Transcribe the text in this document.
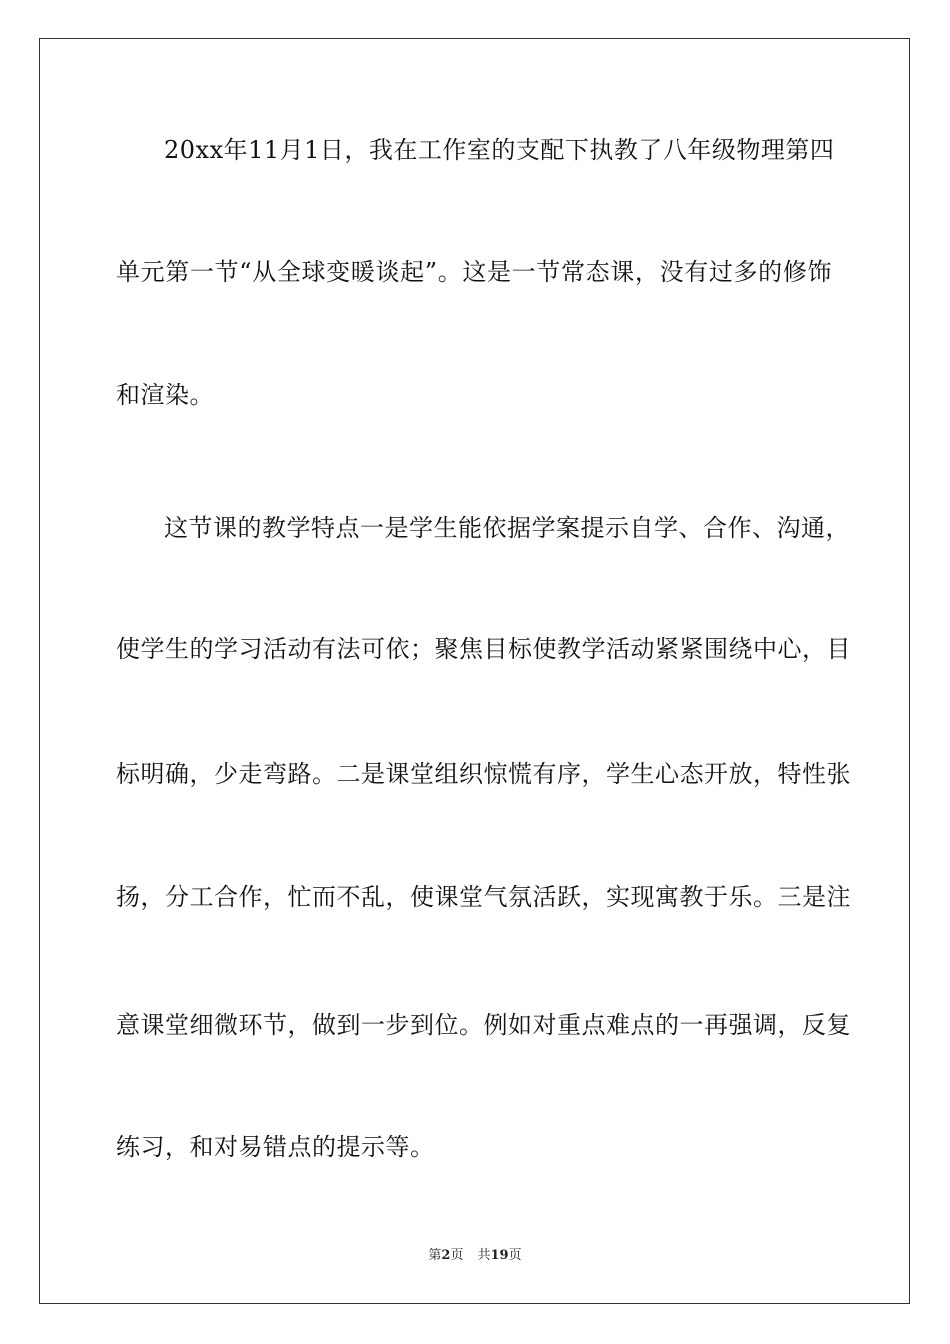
20xx年11月1日，我在工作室的支配下执教了八年级物理第四
单元第一节“从全球变暖谈起”。这是一节常态课，没有过多的修饰
和渲染。
这节课的教学特点一是学生能依据学案提示自学、合作、沟通，
使学生的学习活动有法可依；聚焦目标使教学活动紧紧围绕中心，目
标明确，少走弯路。二是课堂组织惊慌有序，学生心态开放，特性张
扬，分工合作，忙而不乱，使课堂气氛活跃，实现寓教于乐。三是注
意课堂细微环节，做到一步到位。例如对重点难点的一再强调，反复
练习，和对易错点的提示等。
第2页 共19页
